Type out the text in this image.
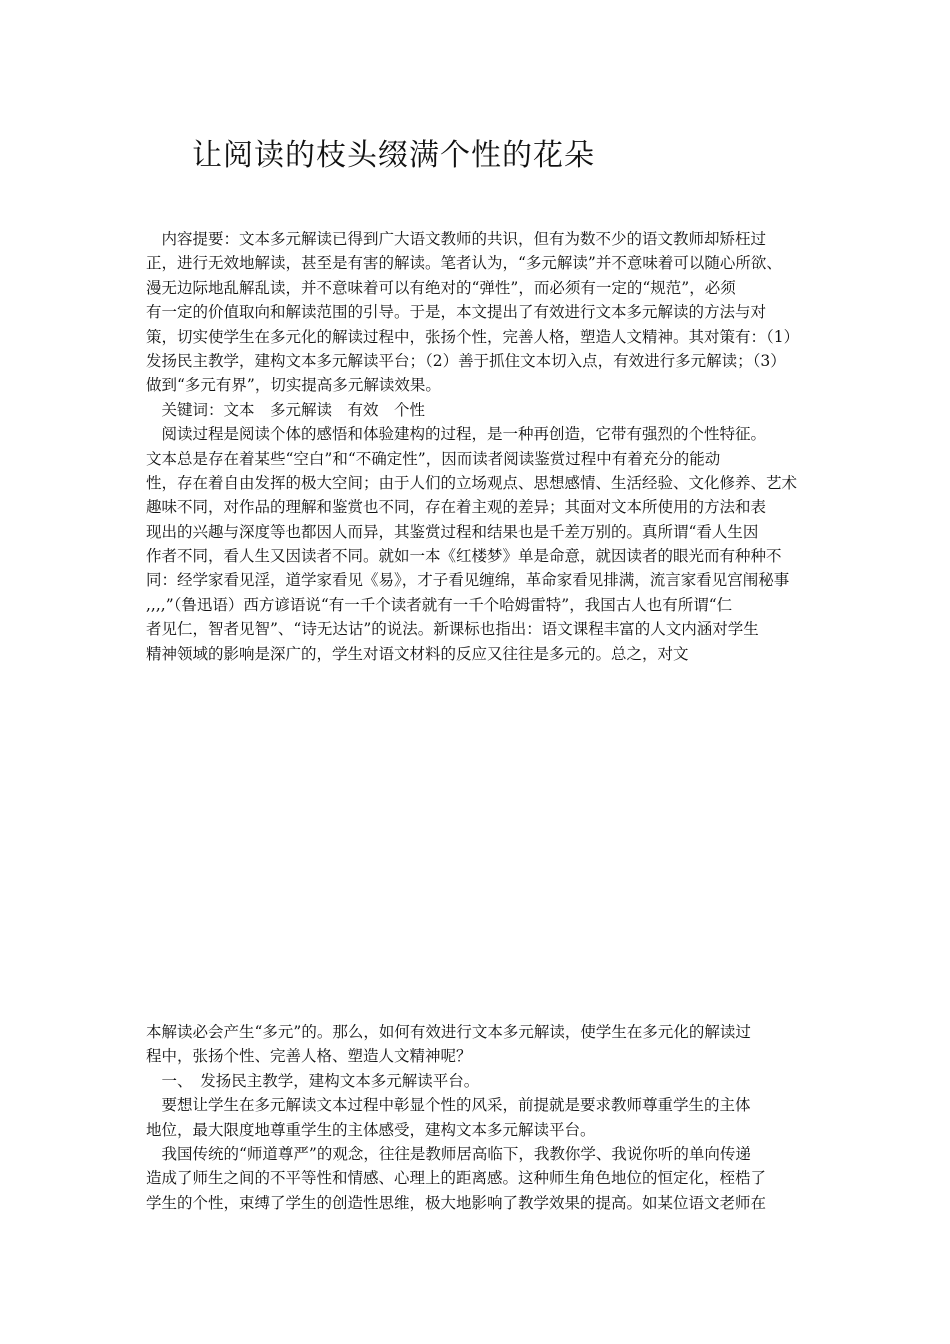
让阅读的枝头缀满个性的花朵
　内容提要：文本多元解读已得到广大语文教师的共识，但有为数不少的语文教师却矫枉过
正，进行无效地解读，甚至是有害的解读。笔者认为，“多元解读”并不意味着可以随心所欲、
漫无边际地乱解乱读，并不意味着可以有绝对的“弹性”，而必须有一定的“规范”，必须
有一定的价值取向和解读范围的引导。于是，本文提出了有效进行文本多元解读的方法与对
策，切实使学生在多元化的解读过程中，张扬个性，完善人格，塑造人文精神。其对策有：（1）
发扬民主教学，建构文本多元解读平台；（2）善于抓住文本切入点，有效进行多元解读；（3）
做到“多元有界”，切实提高多元解读效果。
　关键词：文本　多元解读　有效　个性
　阅读过程是阅读个体的感悟和体验建构的过程，是一种再创造，它带有强烈的个性特征。
文本总是存在着某些“空白”和“不确定性”，因而读者阅读鉴赏过程中有着充分的能动
性，存在着自由发挥的极大空间；由于人们的立场观点、思想感情、生活经验、文化修养、艺术
趣味不同，对作品的理解和鉴赏也不同，存在着主观的差异；其面对文本所使用的方法和表
现出的兴趣与深度等也都因人而异，其鉴赏过程和结果也是千差万别的。真所谓“看人生因
作者不同，看人生又因读者不同。就如一本《红楼梦》单是命意，就因读者的眼光而有种种不
同：经学家看见淫，道学家看见《易》，才子看见缠绵，革命家看见排满，流言家看见宫闱秘事
,,,,”（鲁迅语）西方谚语说“有一千个读者就有一千个哈姆雷特”，我国古人也有所谓“仁
者见仁，智者见智”、“诗无达诂”的说法。新课标也指出：语文课程丰富的人文内涵对学生
精神领域的影响是深广的，学生对语文材料的反应又往往是多元的。总之，对文
本解读必会产生“多元”的。那么，如何有效进行文本多元解读，使学生在多元化的解读过
程中，张扬个性、完善人格、塑造人文精神呢？
　一、　发扬民主教学，建构文本多元解读平台。
　要想让学生在多元解读文本过程中彰显个性的风采，前提就是要求教师尊重学生的主体
地位，最大限度地尊重学生的主体感受，建构文本多元解读平台。
　我国传统的“师道尊严”的观念，往往是教师居高临下，我教你学、我说你听的单向传递
造成了师生之间的不平等性和情感、心理上的距离感。这种师生角色地位的恒定化，桎梏了
学生的个性，束缚了学生的创造性思维，极大地影响了教学效果的提高。如某位语文老师在
